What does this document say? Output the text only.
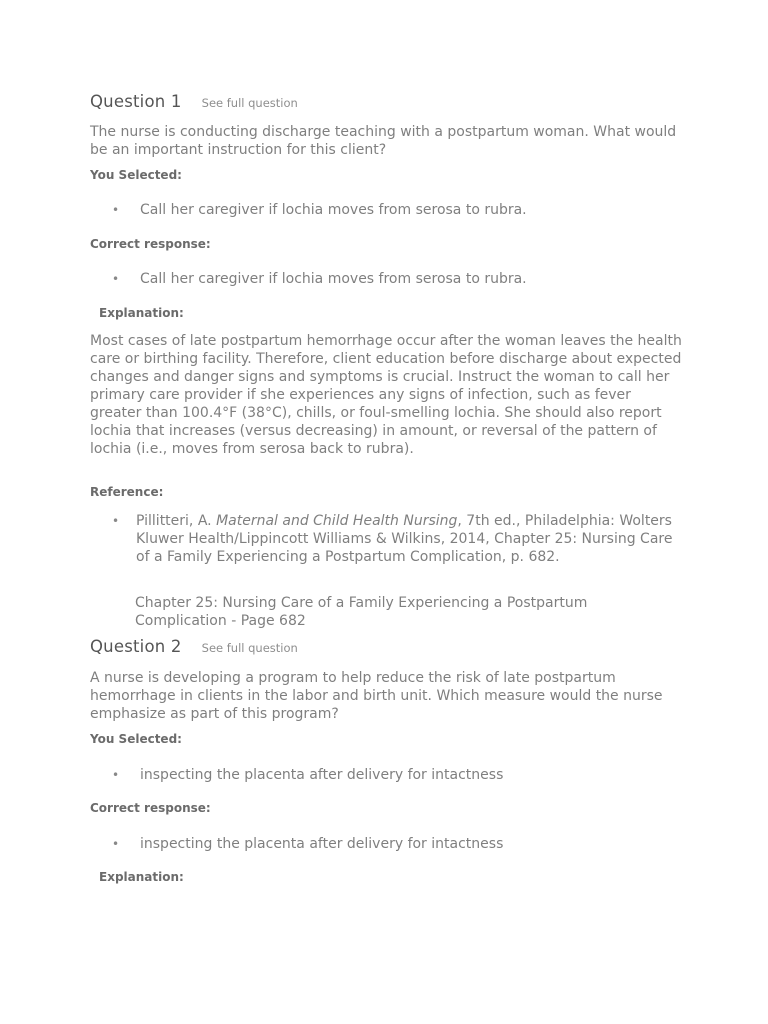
Question 1 See full question

The nurse is conducting discharge teaching with a postpartum woman. What would be an important instruction for this client?

You Selected:

• Call her caregiver if lochia moves from serosa to rubra.

Correct response:

• Call her caregiver if lochia moves from serosa to rubra.

Explanation:

Most cases of late postpartum hemorrhage occur after the woman leaves the health care or birthing facility. Therefore, client education before discharge about expected changes and danger signs and symptoms is crucial. Instruct the woman to call her primary care provider if she experiences any signs of infection, such as fever greater than 100.4°F (38°C), chills, or foul-smelling lochia. She should also report lochia that increases (versus decreasing) in amount, or reversal of the pattern of lochia (i.e., moves from serosa back to rubra).

Reference:

• Pillitteri, A. Maternal and Child Health Nursing, 7th ed., Philadelphia: Wolters Kluwer Health/Lippincott Williams & Wilkins, 2014, Chapter 25: Nursing Care of a Family Experiencing a Postpartum Complication, p. 682.

Chapter 25: Nursing Care of a Family Experiencing a Postpartum Complication - Page 682

Question 2 See full question

A nurse is developing a program to help reduce the risk of late postpartum hemorrhage in clients in the labor and birth unit. Which measure would the nurse emphasize as part of this program?

You Selected:

• inspecting the placenta after delivery for intactness

Correct response:

• inspecting the placenta after delivery for intactness

Explanation:
